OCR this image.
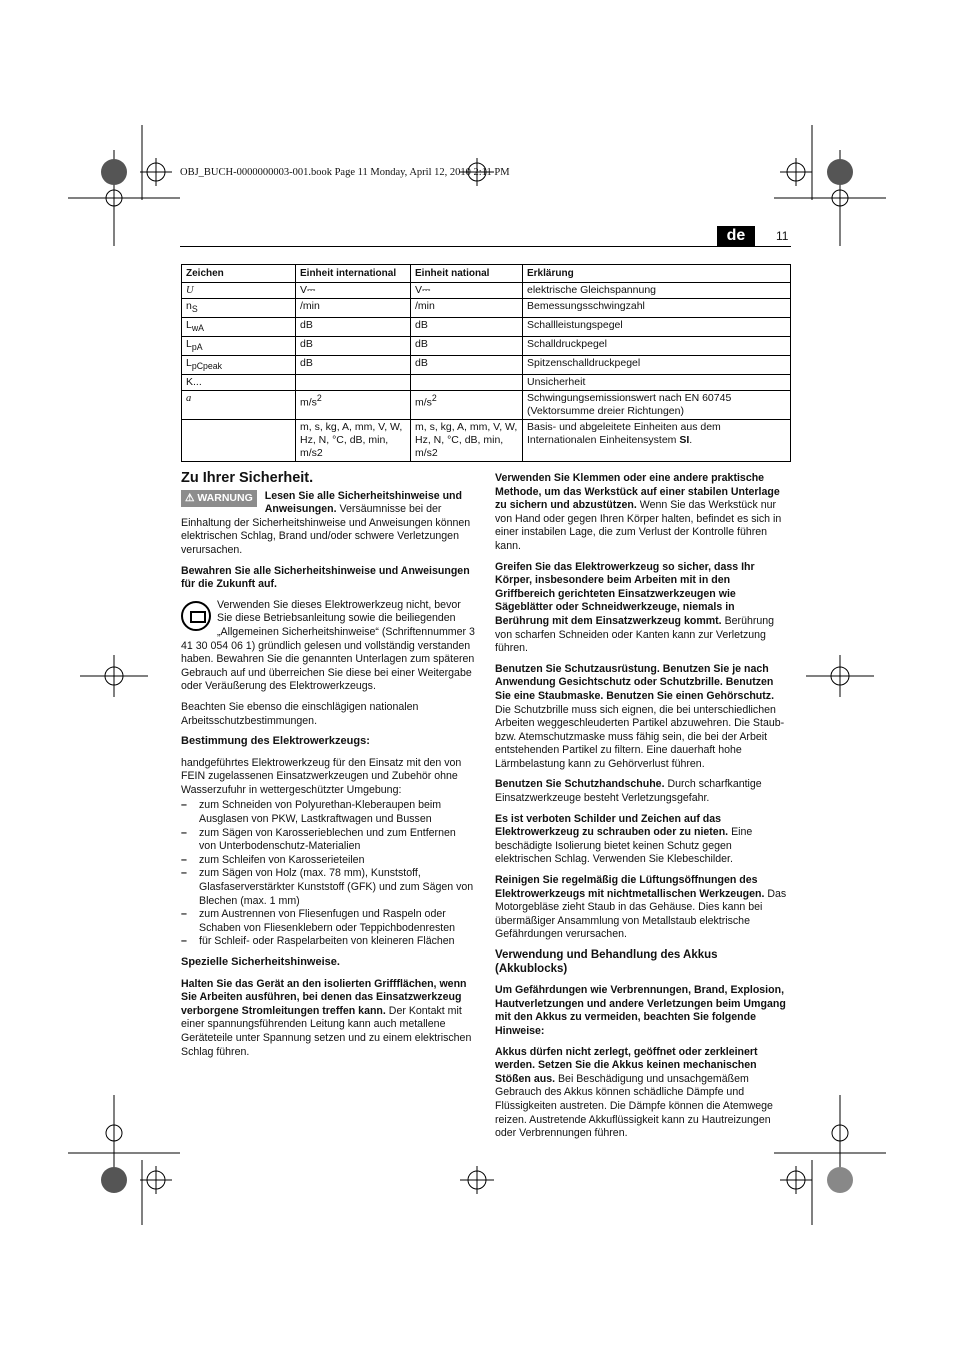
OBJ_BUCH-0000000003-001.book Page 11 Monday, April 12, 2010 2:11 PM
de	11
Zeichen	Einheit international	Einheit national	Erklärung
U	V⎓	V⎓	elektrische Gleichspannung
$n_S$	/min	/min	Bemessungsschwingzahl
$L_{wA}$	dB	dB	Schallleistungspegel
$L_{pA}$	dB	dB	Schalldruckpegel
$L_{pCpeak}$	dB	dB	Spitzenschalldruckpegel
K...			Unsicherheit
a	$m/s^2$	$m/s^2$	Schwingungsemissionswert nach EN 60745 (Vektorsumme dreier Richtungen)
	m, s, kg, A, mm, V, W, Hz, N, °C, dB, min, m/s2	m, s, kg, A, mm, V, W, Hz, N, °C, dB, min, m/s2	Basis- und abgeleitete Einheiten aus dem Internationalen Einheitensystem SI.
Zu Ihrer Sicherheit.

⚠ WARNUNG	Lesen Sie alle Sicherheitshinweise und Anweisungen. Versäumnisse bei der Einhaltung der Sicherheitshinweise und Anweisungen können elektrischen Schlag, Brand und/oder schwere Verletzungen verursachen.

Bewahren Sie alle Sicherheitshinweise und Anweisungen für die Zukunft auf.

Verwenden Sie dieses Elektrowerkzeug nicht, bevor Sie diese Betriebsanleitung sowie die beiliegenden „Allgemeinen Sicherheitshinweise“ (Schriftennummer 3 41 30 054 06 1) gründlich gelesen und vollständig verstanden haben. Bewahren Sie die genannten Unterlagen zum späteren Gebrauch auf und überreichen Sie diese bei einer Weitergabe oder Veräußerung des Elektrowerkzeugs.

Beachten Sie ebenso die einschlägigen nationalen Arbeitsschutzbestimmungen.

Bestimmung des Elektrowerkzeugs:

handgeführtes Elektrowerkzeug für den Einsatz mit den von FEIN zugelassenen Einsatzwerkzeugen und Zubehör ohne Wasserzufuhr in wettergeschützter Umgebung:

– zum Schneiden von Polyurethan-Kleberaupen beim Ausglasen von PKW, Lastkraftwagen und Bussen
– zum Sägen von Karosserieblechen und zum Entfernen von Unterbodenschutz-Materialien
– zum Schleifen von Karosserieteilen
– zum Sägen von Holz (max. 78 mm), Kunststoff, Glasfaserverstärkter Kunststoff (GFK) und zum Sägen von Blechen (max. 1 mm)
– zum Austrennen von Fliesenfugen und Raspeln oder Schaben von Fliesenklebern oder Teppichbodenresten
– für Schleif- oder Raspelarbeiten von kleineren Flächen
Spezielle Sicherheitshinweise.

Halten Sie das Gerät an den isolierten Griffflächen, wenn Sie Arbeiten ausführen, bei denen das Einsatzwerkzeug verborgene Stromleitungen treffen kann. Der Kontakt mit einer spannungsführenden Leitung kann auch metallene Geräteteile unter Spannung setzen und zu einem elektrischen Schlag führen.

Verwenden Sie Klemmen oder eine andere praktische Methode, um das Werkstück auf einer stabilen Unterlage zu sichern und abzustützen. Wenn Sie das Werkstück nur von Hand oder gegen Ihren Körper halten, befindet es sich in einer instabilen Lage, die zum Verlust der Kontrolle führen kann.

Greifen Sie das Elektrowerkzeug so sicher, dass Ihr Körper, insbesondere beim Arbeiten mit in den Griffbereich gerichteten Einsatzwerkzeugen wie Sägeblätter oder Schneidwerkzeuge, niemals in Berührung mit dem Einsatzwerkzeug kommt. Berührung von scharfen Schneiden oder Kanten kann zur Verletzung führen.

Benutzen Sie Schutzausrüstung. Benutzen Sie je nach Anwendung Gesichtschutz oder Schutzbrille. Benutzen Sie eine Staubmaske. Benutzen Sie einen Gehörschutz. Die Schutzbrille muss sich eignen, die bei unterschiedlichen Arbeiten weggeschleuderten Partikel abzuwehren. Die Staub- bzw. Atemschutzmaske muss fähig sein, die bei der Arbeit entstehenden Partikel zu filtern. Eine dauerhaft hohe Lärmbelastung kann zu Gehörverlust führen.

Benutzen Sie Schutzhandschuhe. Durch scharfkantige Einsatzwerkzeuge besteht Verletzungsgefahr.

Es ist verboten Schilder und Zeichen auf das Elektrowerkzeug zu schrauben oder zu nieten. Eine beschädigte Isolierung bietet keinen Schutz gegen elektrischen Schlag. Verwenden Sie Klebeschilder.

Reinigen Sie regelmäßig die Lüftungsöffnungen des Elektrowerkzeugs mit nichtmetallischen Werkzeugen. Das Motorgebläse zieht Staub in das Gehäuse. Dies kann bei übermäßiger Ansammlung von Metallstaub elektrische Gefährdungen verursachen.

Verwendung und Behandlung des Akkus (Akkublocks)

Um Gefährdungen wie Verbrennungen, Brand, Explosion, Hautverletzungen und andere Verletzungen beim Umgang mit den Akkus zu vermeiden, beachten Sie folgende Hinweise:

Akkus dürfen nicht zerlegt, geöffnet oder zerkleinert werden. Setzen Sie die Akkus keinen mechanischen Stößen aus. Bei Beschädigung und unsachgemäßem Gebrauch des Akkus können schädliche Dämpfe und Flüssigkeiten austreten. Die Dämpfe können die Atemwege reizen. Austretende Akkuflüssigkeit kann zu Hautreizungen oder Verbrennungen führen.
